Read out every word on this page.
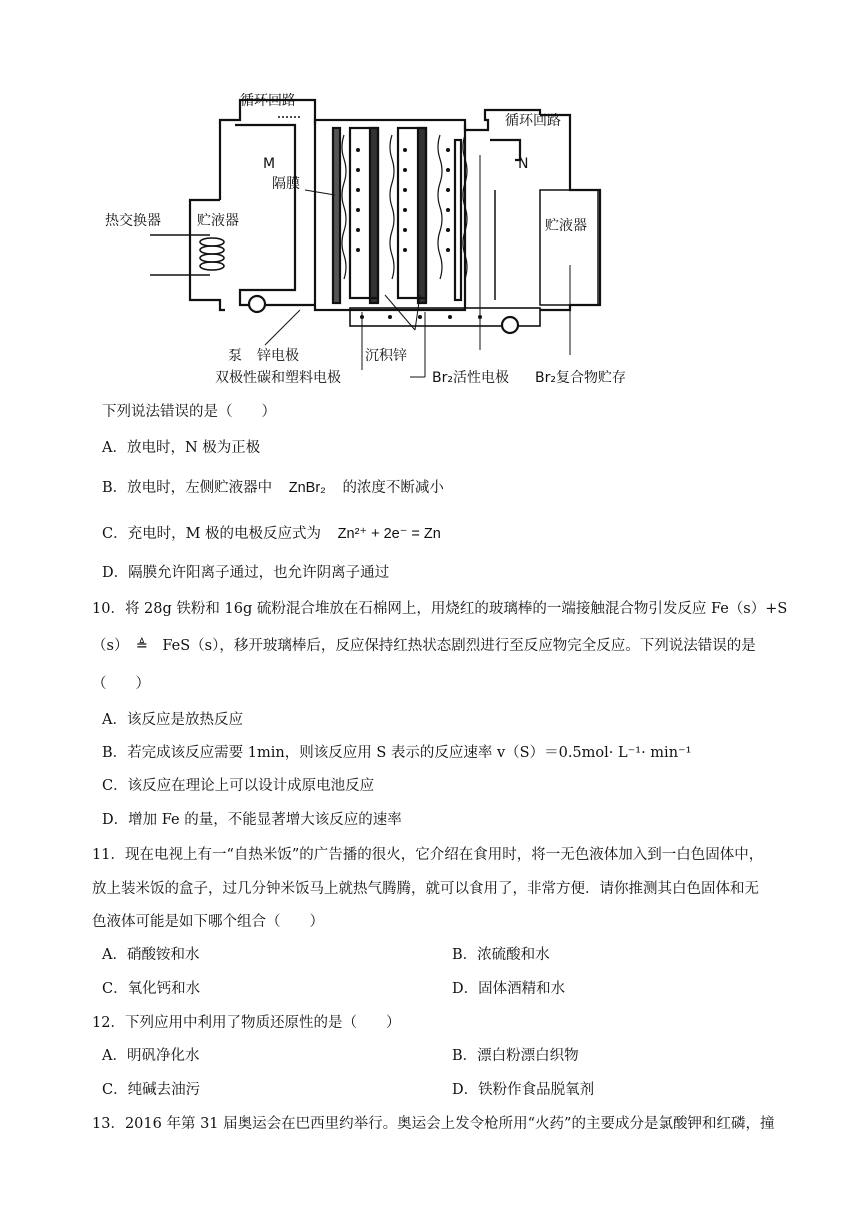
循环回路
循环回路
热交换器	贮液器	贮液器
M	N
隔膜
泵 锌电极
双极性碳和塑料电极
沉积锌
Br₂活性电极 Br₂复合物贮存
下列说法错误的是（　　）
A．放电时，N 极为正极
B．放电时，左侧贮液器中 ZnBr₂ 的浓度不断减小
C．充电时，M 极的电极反应式为 Zn²⁺ + 2e⁻ = Zn
D．隔膜允许阳离子通过，也允许阴离子通过
10．将 28g 铁粉和 16g 硫粉混合堆放在石棉网上，用烧红的玻璃棒的一端接触混合物引发反应 Fe（s）+S
（s）　≜　FeS（s），移开玻璃棒后，反应保持红热状态剧烈进行至反应物完全反应。下列说法错误的是
（　　）
A．该反应是放热反应
B．若完成该反应需要 1min，则该反应用 S 表示的反应速率 v（S）＝0.5mol· L⁻¹· min⁻¹
C．该反应在理论上可以设计成原电池反应
D．增加 Fe 的量，不能显著增大该反应的速率
11．现在电视上有一“自热米饭”的广告播的很火，它介绍在食用时，将一无色液体加入到一白色固体中，
放上装米饭的盒子，过几分钟米饭马上就热气腾腾，就可以食用了，非常方便．请你推测其白色固体和无
色液体可能是如下哪个组合（　　）
A．硝酸铵和水	B．浓硫酸和水
C．氧化钙和水	D．固体酒精和水
12．下列应用中利用了物质还原性的是（　　）
A．明矾净化水	B．漂白粉漂白织物
C．纯碱去油污	D．铁粉作食品脱氧剂
13．2016 年第 31 届奥运会在巴西里约举行。奥运会上发令枪所用“火药”的主要成分是氯酸钾和红磷，撞
